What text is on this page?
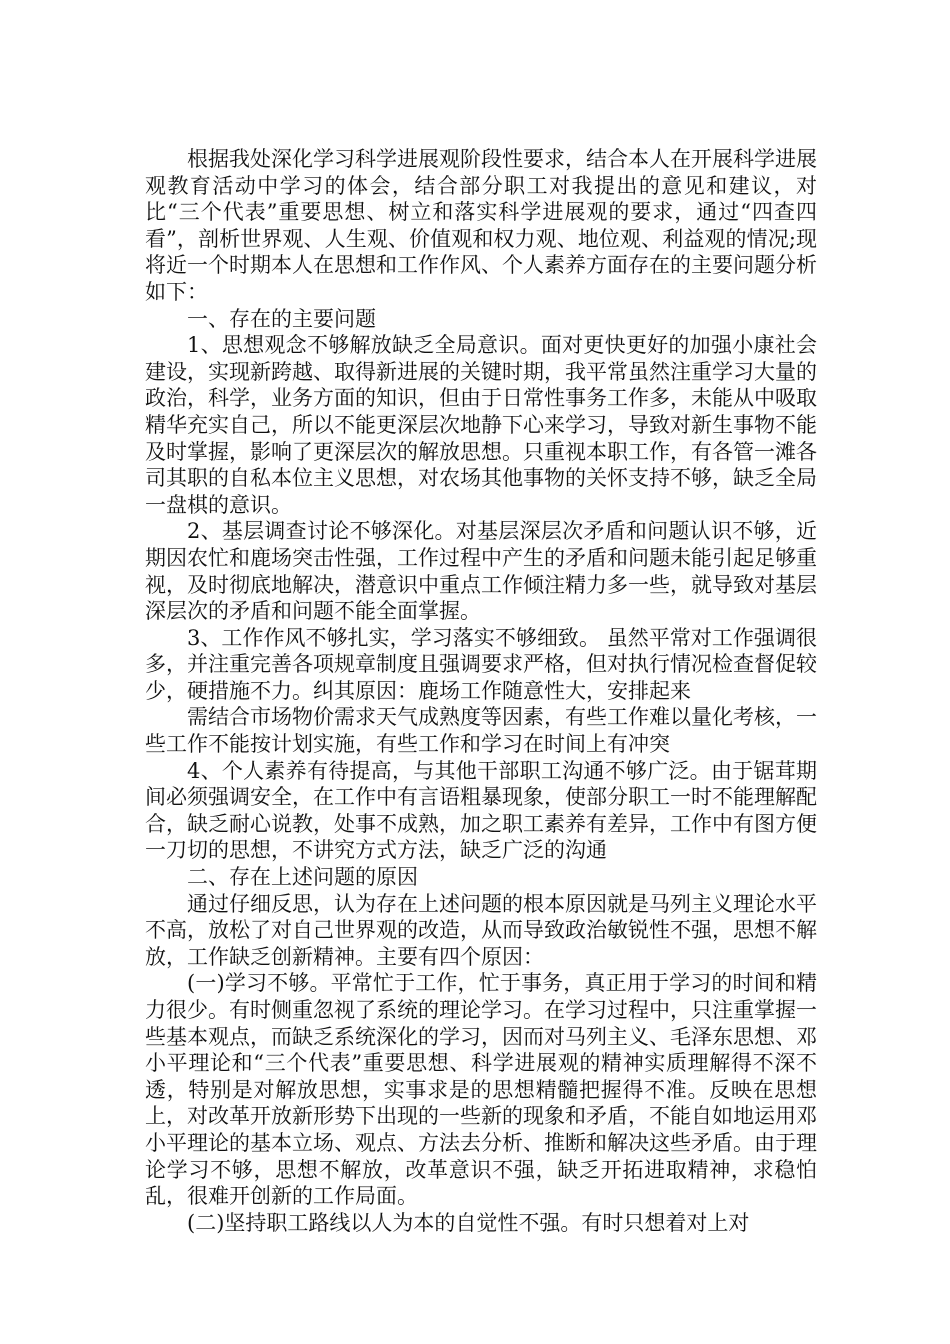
根据我处深化学习科学进展观阶段性要求，结合本人在开展科学进展观教育活动中学习的体会，结合部分职工对我提出的意见和建议，对比“三个代表”重要思想、树立和落实科学进展观的要求，通过“四查四看”，剖析世界观、人生观、价值观和权力观、地位观、利益观的情况;现将近一个时期本人在思想和工作作风、个人素养方面存在的主要问题分析如下：

一、存在的主要问题

1、思想观念不够解放缺乏全局意识。面对更快更好的加强小康社会建设，实现新跨越、取得新进展的关键时期，我平常虽然注重学习大量的政治，科学，业务方面的知识，但由于日常性事务工作多，未能从中吸取精华充实自己，所以不能更深层次地静下心来学习，导致对新生事物不能及时掌握，影响了更深层次的解放思想。只重视本职工作，有各管一滩各司其职的自私本位主义思想，对农场其他事物的关怀支持不够，缺乏全局一盘棋的意识。

2、基层调查讨论不够深化。对基层深层次矛盾和问题认识不够，近期因农忙和鹿场突击性强，工作过程中产生的矛盾和问题未能引起足够重视，及时彻底地解决，潜意识中重点工作倾注精力多一些，就导致对基层深层次的矛盾和问题不能全面掌握。

3、工作作风不够扎实，学习落实不够细致。 虽然平常对工作强调很多，并注重完善各项规章制度且强调要求严格，但对执行情况检查督促较少，硬措施不力。纠其原因：鹿场工作随意性大，安排起来

需结合市场物价需求天气成熟度等因素，有些工作难以量化考核，一些工作不能按计划实施，有些工作和学习在时间上有冲突

4、个人素养有待提高，与其他干部职工沟通不够广泛。由于锯茸期间必须强调安全，在工作中有言语粗暴现象，使部分职工一时不能理解配合，缺乏耐心说教，处事不成熟，加之职工素养有差异，工作中有图方便一刀切的思想，不讲究方式方法，缺乏广泛的沟通

二、存在上述问题的原因

通过仔细反思，认为存在上述问题的根本原因就是马列主义理论水平不高，放松了对自己世界观的改造，从而导致政治敏锐性不强，思想不解放，工作缺乏创新精神。主要有四个原因：

(一)学习不够。平常忙于工作，忙于事务，真正用于学习的时间和精力很少。有时侧重忽视了系统的理论学习。在学习过程中，只注重掌握一些基本观点，而缺乏系统深化的学习，因而对马列主义、毛泽东思想、邓小平理论和“三个代表”重要思想、科学进展观的精神实质理解得不深不透，特别是对解放思想，实事求是的思想精髓把握得不准。反映在思想上，对改革开放新形势下出现的一些新的现象和矛盾，不能自如地运用邓小平理论的基本立场、观点、方法去分析、推断和解决这些矛盾。由于理论学习不够，思想不解放，改革意识不强，缺乏开拓进取精神，求稳怕乱，很难开创新的工作局面。

(二)坚持职工路线以人为本的自觉性不强。有时只想着对上对
